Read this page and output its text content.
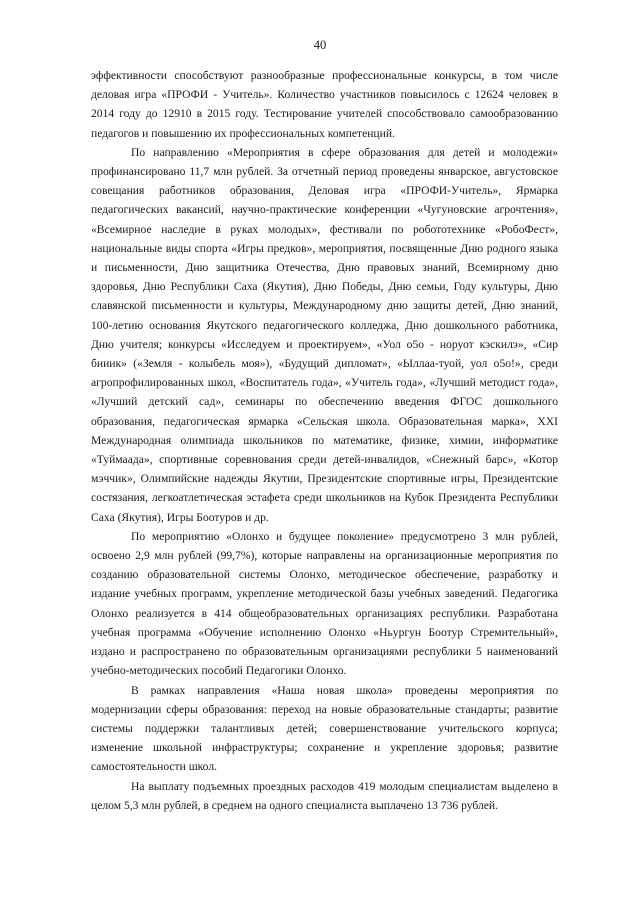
40

эффективности способствуют разнообразные профессиональные конкурсы, в том числе деловая игра «ПРОФИ - Учитель». Количество участников повысилось с 12624 человек в 2014 году до 12910 в 2015 году. Тестирование учителей способствовало самообразованию педагогов и повышению их профессиональных компетенций.

По направлению «Мероприятия в сфере образования для детей и молодежи» профинансировано 11,7 млн рублей. За отчетный период проведены январское, августовское совещания работников образования, Деловая игра «ПРОФИ-Учитель», Ярмарка педагогических вакансий, научно-практические конференции «Чугуновские агрочтения», «Всемирное наследие в руках молодых», фестивали по робототехнике «РобоФест», национальные виды спорта «Игры предков», мероприятия, посвященные Дню родного языка и письменности, Дню защитника Отечества, Дню правовых знаний, Всемирному дню здоровья, Дню Республики Саха (Якутия), Дню Победы, Дню семьи, Году культуры, Дню славянской письменности и культуры, Международному дню защиты детей, Дню знаний, 100-летию основания Якутского педагогического колледжа, Дню дошкольного работника, Дню учителя; конкурсы «Исследуем и проектируем», «Уол о5о - норуот кэскилэ», «Сир бииик» («Земля - колыбель моя»), «Будущий дипломат», «Ыллаа-туой, уол о5о!», среди агропрофилированных школ, «Воспитатель года», «Учитель года», «Лучший методист года», «Лучший детский сад», семинары по обеспечению введения ФГОС дошкольного образования, педагогическая ярмарка «Сельская школа. Образовательная марка», XXI Международная олимпиада школьников по математике, физике, химии, информатике «Туймаада», спортивные соревнования среди детей-инвалидов, «Снежный барс», «Котор мэччик», Олимпийские надежды Якутии, Президентские спортивные игры, Президентские состязания, легкоатлетическая эстафета среди школьников на Кубок Президента Республики Саха (Якутия), Игры Боотуров и др.

По мероприятию «Олонхо и будущее поколение» предусмотрено 3 млн рублей, освоено 2,9 млн рублей (99,7%), которые направлены на организационные мероприятия по созданию образовательной системы Олонхо, методическое обеспечение, разработку и издание учебных программ, укрепление методической базы учебных заведений. Педагогика Олонхо реализуется в 414 общеобразовательных организациях республики. Разработана учебная программа «Обучение исполнению Олонхо «Ньургун Боотур Стремительный», издано и распространено по образовательным организациями республики 5 наименований учебно-методических пособий Педагогики Олонхо.

В рамках направления «Наша новая школа» проведены мероприятия по модернизации сферы образования: переход на новые образовательные стандарты; развитие системы поддержки талантливых детей; совершенствование учительского корпуса; изменение школьной инфраструктуры; сохранение и укрепление здоровья; развитие самостоятельности школ.

На выплату подъемных проездных расходов 419 молодым специалистам выделено в целом 5,3 млн рублей, в среднем на одного специалиста выплачено 13 736 рублей.
